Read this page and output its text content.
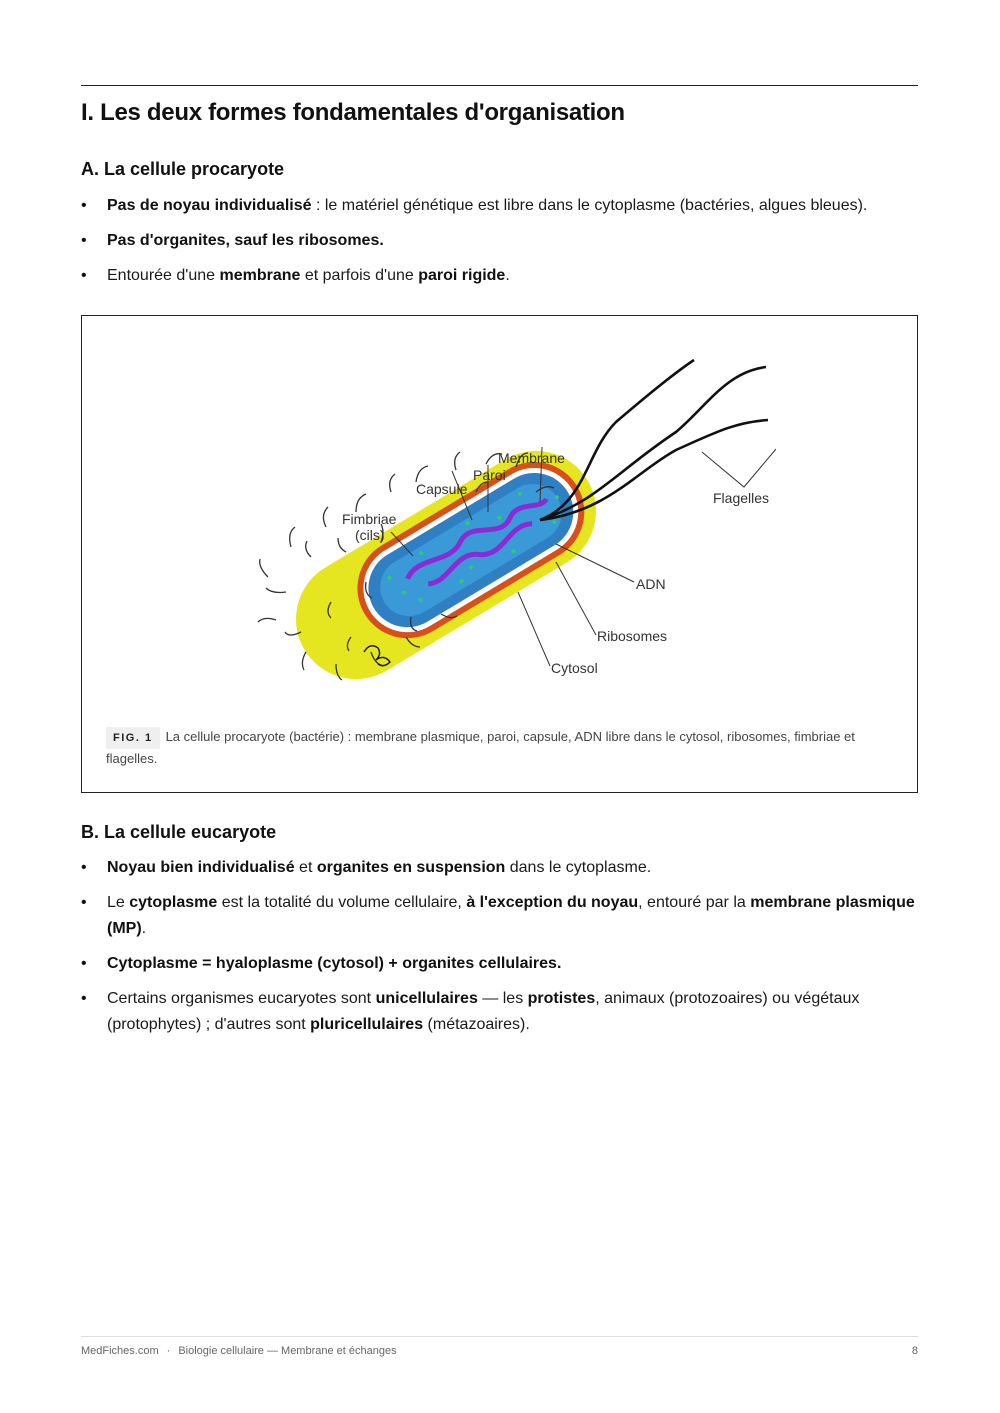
I. Les deux formes fondamentales d'organisation
A. La cellule procaryote
• Pas de noyau individualisé : le matériel génétique est libre dans le cytoplasme (bactéries, algues bleues).
• Pas d'organites, sauf les ribosomes.
• Entourée d'une membrane et parfois d'une paroi rigide.
Membrane
Paroi
Capsule
Fimbriae
(cils)
Flagelles
ADN
Ribosomes
Cytosol
FIG. 1 La cellule procaryote (bactérie) : membrane plasmique, paroi, capsule, ADN libre dans le cytosol, ribosomes, fimbriae et flagelles.
B. La cellule eucaryote
• Noyau bien individualisé et organites en suspension dans le cytoplasme.
• Le cytoplasme est la totalité du volume cellulaire, à l'exception du noyau, entouré par la membrane plasmique (MP).
• Cytoplasme = hyaloplasme (cytosol) + organites cellulaires.
• Certains organismes eucaryotes sont unicellulaires — les protistes, animaux (protozoaires) ou végétaux (protophytes) ; d'autres sont pluricellulaires (métazoaires).
MedFiches.com · Biologie cellulaire — Membrane et échanges	8
